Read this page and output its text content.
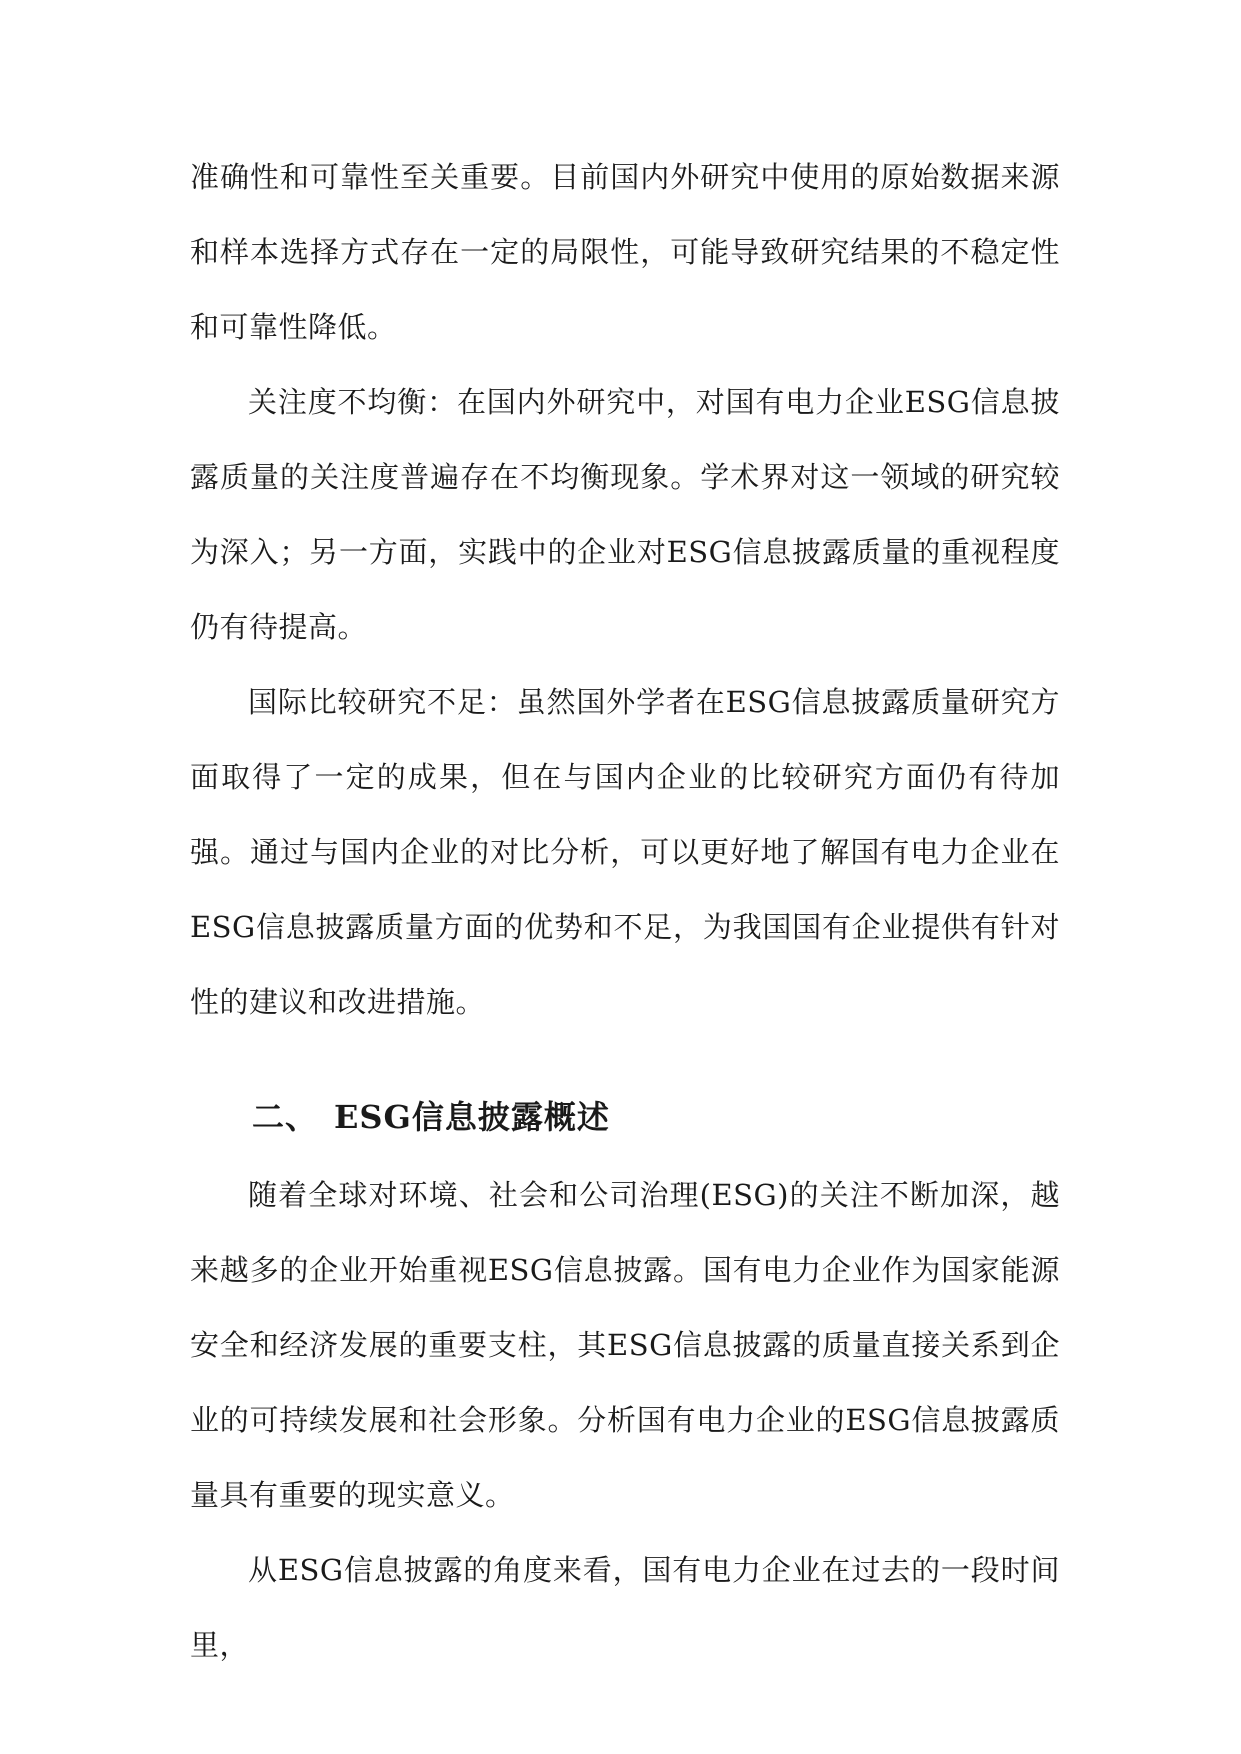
准确性和可靠性至关重要。目前国内外研究中使用的原始数据来源和样本选择方式存在一定的局限性，可能导致研究结果的不稳定性和可靠性降低。

关注度不均衡：在国内外研究中，对国有电力企业ESG信息披露质量的关注度普遍存在不均衡现象。学术界对这一领域的研究较为深入；另一方面，实践中的企业对ESG信息披露质量的重视程度仍有待提高。

国际比较研究不足：虽然国外学者在ESG信息披露质量研究方面取得了一定的成果，但在与国内企业的比较研究方面仍有待加强。通过与国内企业的对比分析，可以更好地了解国有电力企业在ESG信息披露质量方面的优势和不足，为我国国有企业提供有针对性的建议和改进措施。

二、 ESG信息披露概述

随着全球对环境、社会和公司治理(ESG)的关注不断加深，越来越多的企业开始重视ESG信息披露。国有电力企业作为国家能源安全和经济发展的重要支柱，其ESG信息披露的质量直接关系到企业的可持续发展和社会形象。分析国有电力企业的ESG信息披露质量具有重要的现实意义。

从ESG信息披露的角度来看，国有电力企业在过去的一段时间里，
